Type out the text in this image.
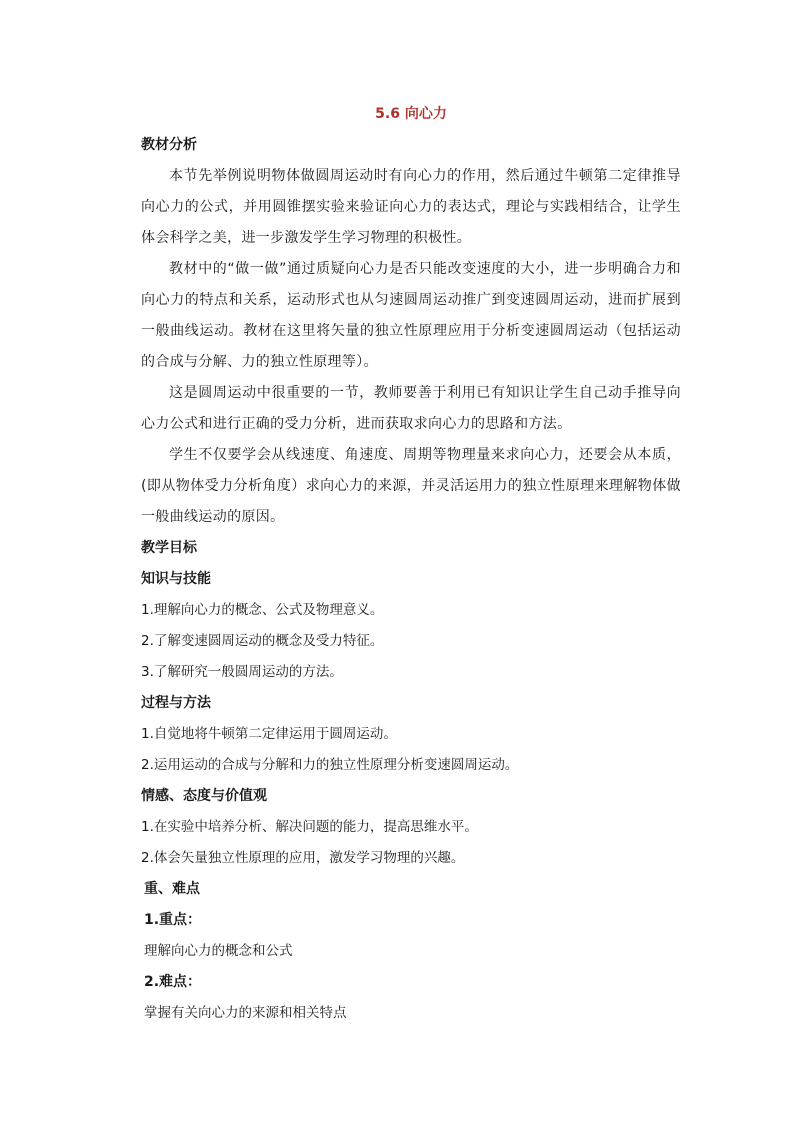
5.6 向心力
教材分析

本节先举例说明物体做圆周运动时有向心力的作用，然后通过牛顿第二定律推导向心力的公式，并用圆锥摆实验来验证向心力的表达式，理论与实践相结合，让学生体会科学之美，进一步激发学生学习物理的积极性。

教材中的“做一做”通过质疑向心力是否只能改变速度的大小，进一步明确合力和向心力的特点和关系，运动形式也从匀速圆周运动推广到变速圆周运动，进而扩展到一般曲线运动。教材在这里将矢量的独立性原理应用于分析变速圆周运动（包括运动的合成与分解、力的独立性原理等）。

这是圆周运动中很重要的一节，教师要善于利用已有知识让学生自己动手推导向心力公式和进行正确的受力分析，进而获取求向心力的思路和方法。

学生不仅要学会从线速度、角速度、周期等物理量来求向心力，还要会从本质，(即从物体受力分析角度）求向心力的来源，并灵活运用力的独立性原理来理解物体做一般曲线运动的原因。

教学目标
知识与技能
1.理解向心力的概念、公式及物理意义。
2.了解变速圆周运动的概念及受力特征。
3.了解研究一般圆周运动的方法。
过程与方法
1.自觉地将牛顿第二定律运用于圆周运动。
2.运用运动的合成与分解和力的独立性原理分析变速圆周运动。
情感、态度与价值观
1.在实验中培养分析、解决问题的能力，提高思维水平。
2.体会矢量独立性原理的应用，激发学习物理的兴趣。
重、难点
1.重点：
理解向心力的概念和公式
2.难点：
掌握有关向心力的来源和相关特点
